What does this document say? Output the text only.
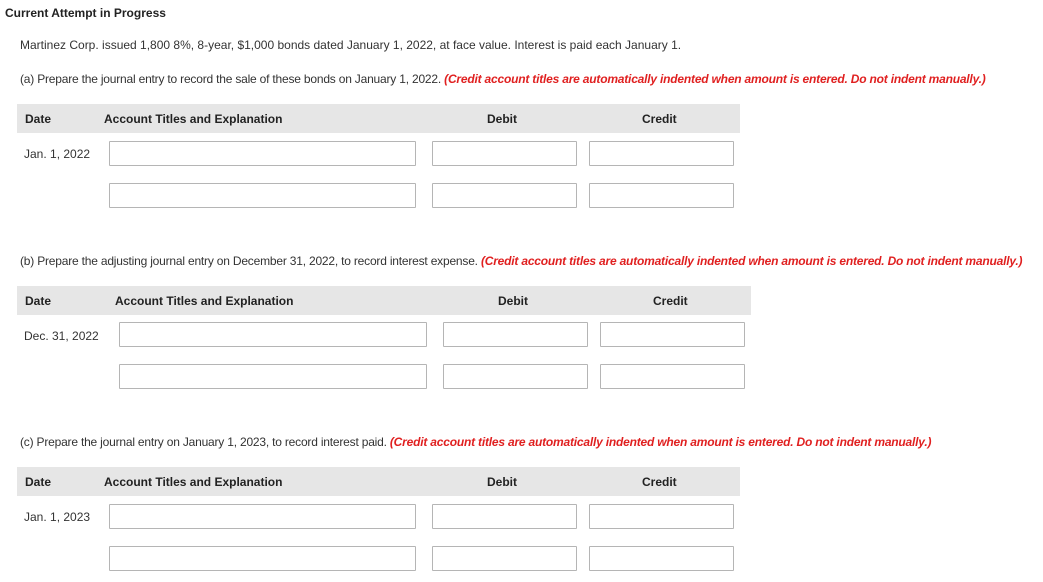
Current Attempt in Progress
Martinez Corp. issued 1,800 8%, 8-year, $1,000 bonds dated January 1, 2022, at face value. Interest is paid each January 1.
(a) Prepare the journal entry to record the sale of these bonds on January 1, 2022. (Credit account titles are automatically indented when amount is entered. Do not indent manually.)
Date	Account Titles and Explanation	Debit	Credit
Jan. 1, 2022
(b) Prepare the adjusting journal entry on December 31, 2022, to record interest expense. (Credit account titles are automatically indented when amount is entered. Do not indent manually.)
Date	Account Titles and Explanation	Debit	Credit
Dec. 31, 2022
(c) Prepare the journal entry on January 1, 2023, to record interest paid. (Credit account titles are automatically indented when amount is entered. Do not indent manually.)
Date	Account Titles and Explanation	Debit	Credit
Jan. 1, 2023
